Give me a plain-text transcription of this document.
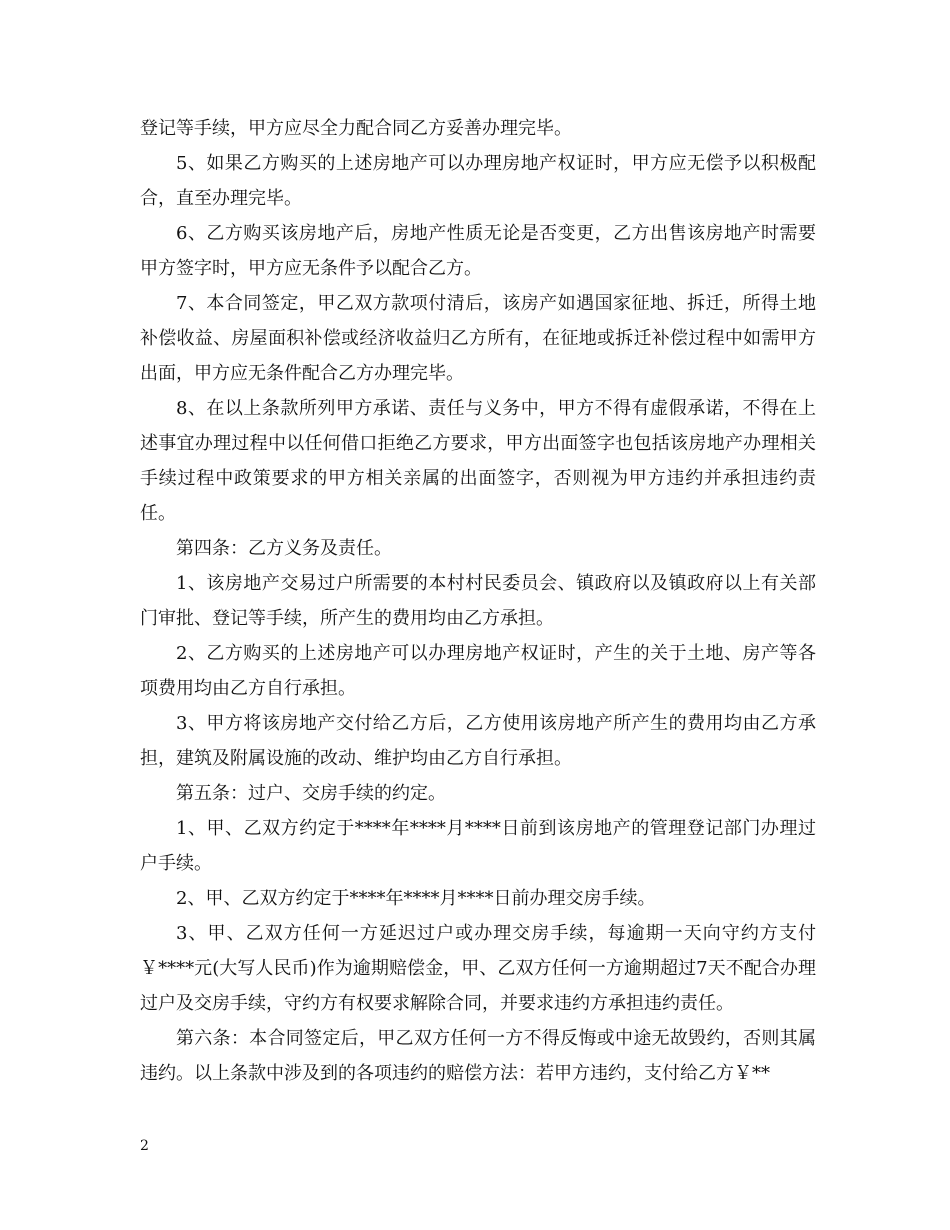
登记等手续，甲方应尽全力配合同乙方妥善办理完毕。

5、如果乙方购买的上述房地产可以办理房地产权证时，甲方应无偿予以积极配合，直至办理完毕。

6、乙方购买该房地产后，房地产性质无论是否变更，乙方出售该房地产时需要甲方签字时，甲方应无条件予以配合乙方。

7、本合同签定，甲乙双方款项付清后，该房产如遇国家征地、拆迁，所得土地补偿收益、房屋面积补偿或经济收益归乙方所有，在征地或拆迁补偿过程中如需甲方出面，甲方应无条件配合乙方办理完毕。

8、在以上条款所列甲方承诺、责任与义务中，甲方不得有虚假承诺，不得在上述事宜办理过程中以任何借口拒绝乙方要求，甲方出面签字也包括该房地产办理相关手续过程中政策要求的甲方相关亲属的出面签字，否则视为甲方违约并承担违约责任。

第四条：乙方义务及责任。

1、该房地产交易过户所需要的本村村民委员会、镇政府以及镇政府以上有关部门审批、登记等手续，所产生的费用均由乙方承担。

2、乙方购买的上述房地产可以办理房地产权证时，产生的关于土地、房产等各项费用均由乙方自行承担。

3、甲方将该房地产交付给乙方后，乙方使用该房地产所产生的费用均由乙方承担，建筑及附属设施的改动、维护均由乙方自行承担。

第五条：过户、交房手续的约定。

1、甲、乙双方约定于****年****月****日前到该房地产的管理登记部门办理过户手续。

2、甲、乙双方约定于****年****月****日前办理交房手续。

3、甲、乙双方任何一方延迟过户或办理交房手续，每逾期一天向守约方支付￥****元(大写人民币)作为逾期赔偿金，甲、乙双方任何一方逾期超过7天不配合办理过户及交房手续，守约方有权要求解除合同，并要求违约方承担违约责任。

第六条：本合同签定后，甲乙双方任何一方不得反悔或中途无故毁约，否则其属违约。以上条款中涉及到的各项违约的赔偿方法：若甲方违约，支付给乙方￥**

2
